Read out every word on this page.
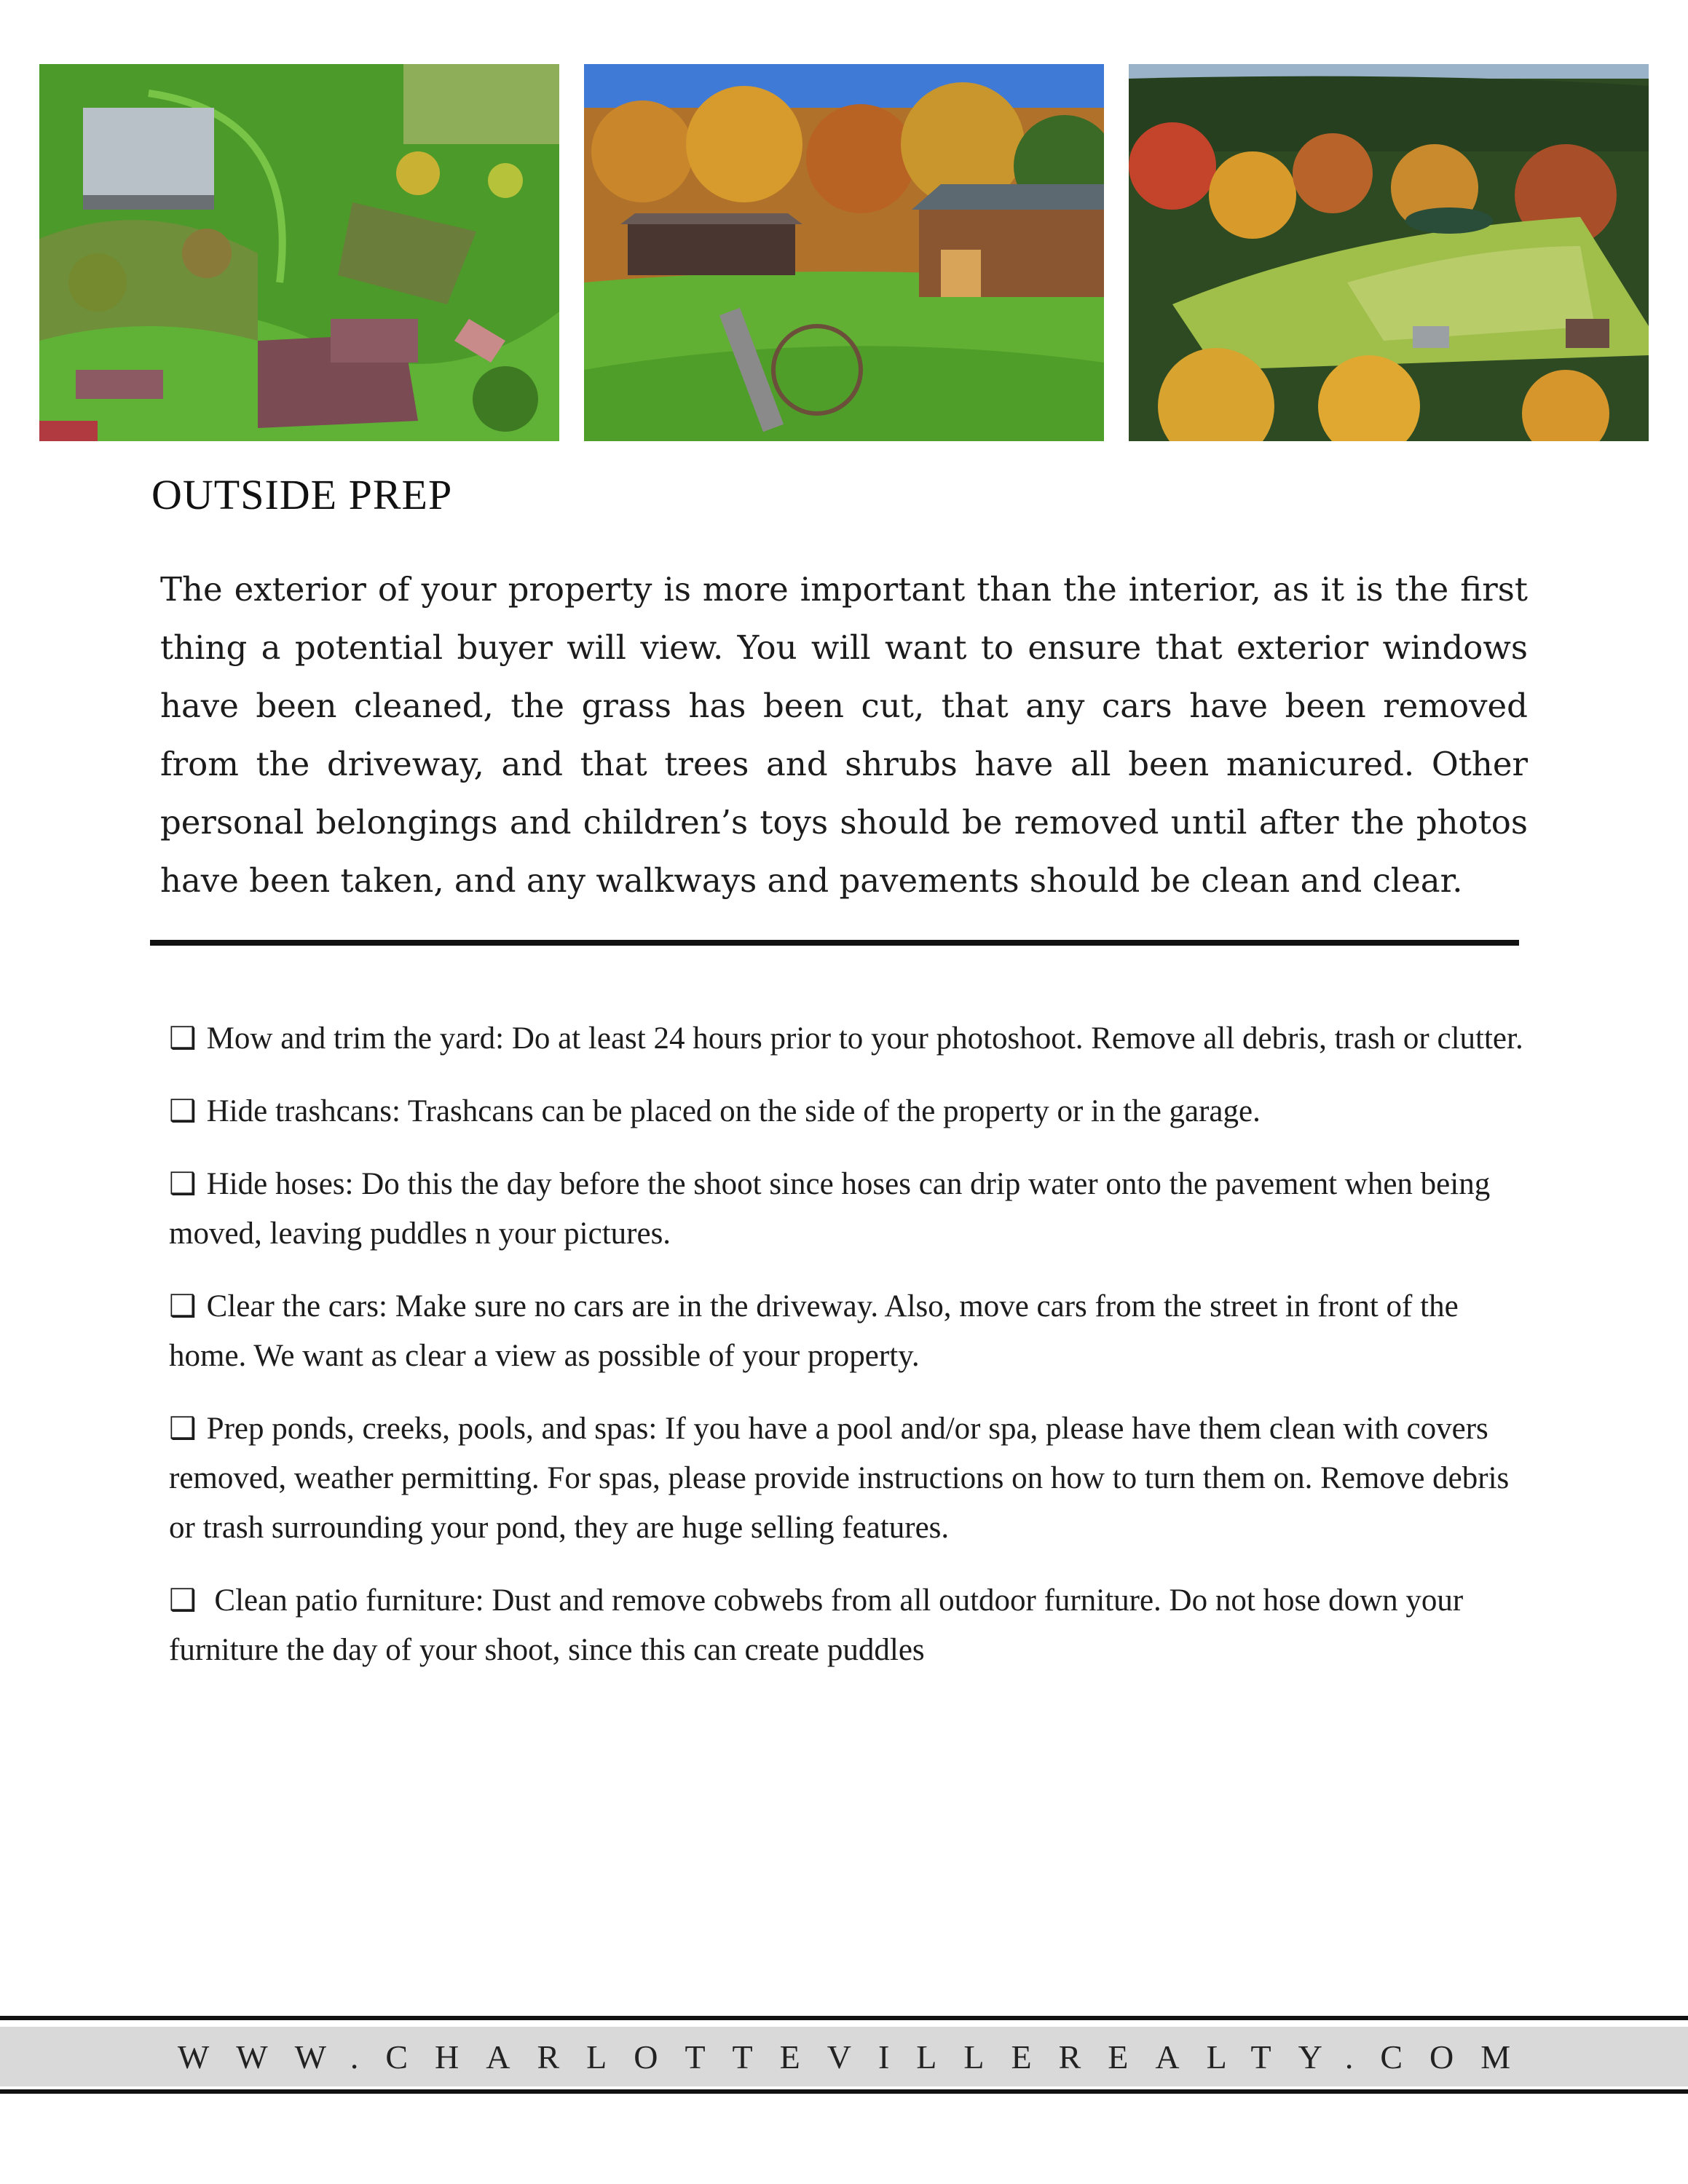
OUTSIDE PREP

The exterior of your property is more important than the interior, as it is the first thing a potential buyer will view. You will want to ensure that exterior windows have been cleaned, the grass has been cut, that any cars have been removed from the driveway, and that trees and shrubs have all been manicured. Other personal belongings and children’s toys should be removed until after the photos have been taken, and any walkways and pavements should be clean and clear.

❑ Mow and trim the yard: Do at least 24 hours prior to your photoshoot. Remove all debris, trash or clutter.
❑ Hide trashcans: Trashcans can be placed on the side of the property or in the garage.
❑ Hide hoses: Do this the day before the shoot since hoses can drip water onto the pavement when being moved, leaving puddles n your pictures.
❑ Clear the cars: Make sure no cars are in the driveway. Also, move cars from the street in front of the home. We want as clear a view as possible of your property.
❑ Prep ponds, creeks, pools, and spas: If you have a pool and/or spa, please have them clean with covers removed, weather permitting. For spas, please provide instructions on how to turn them on. Remove debris or trash surrounding your pond, they are huge selling features.
❑ Clean patio furniture: Dust and remove cobwebs from all outdoor furniture. Do not hose down your furniture the day of your shoot, since this can create puddles
WWW.CHARLOTTEVILLEREALTY.COM
